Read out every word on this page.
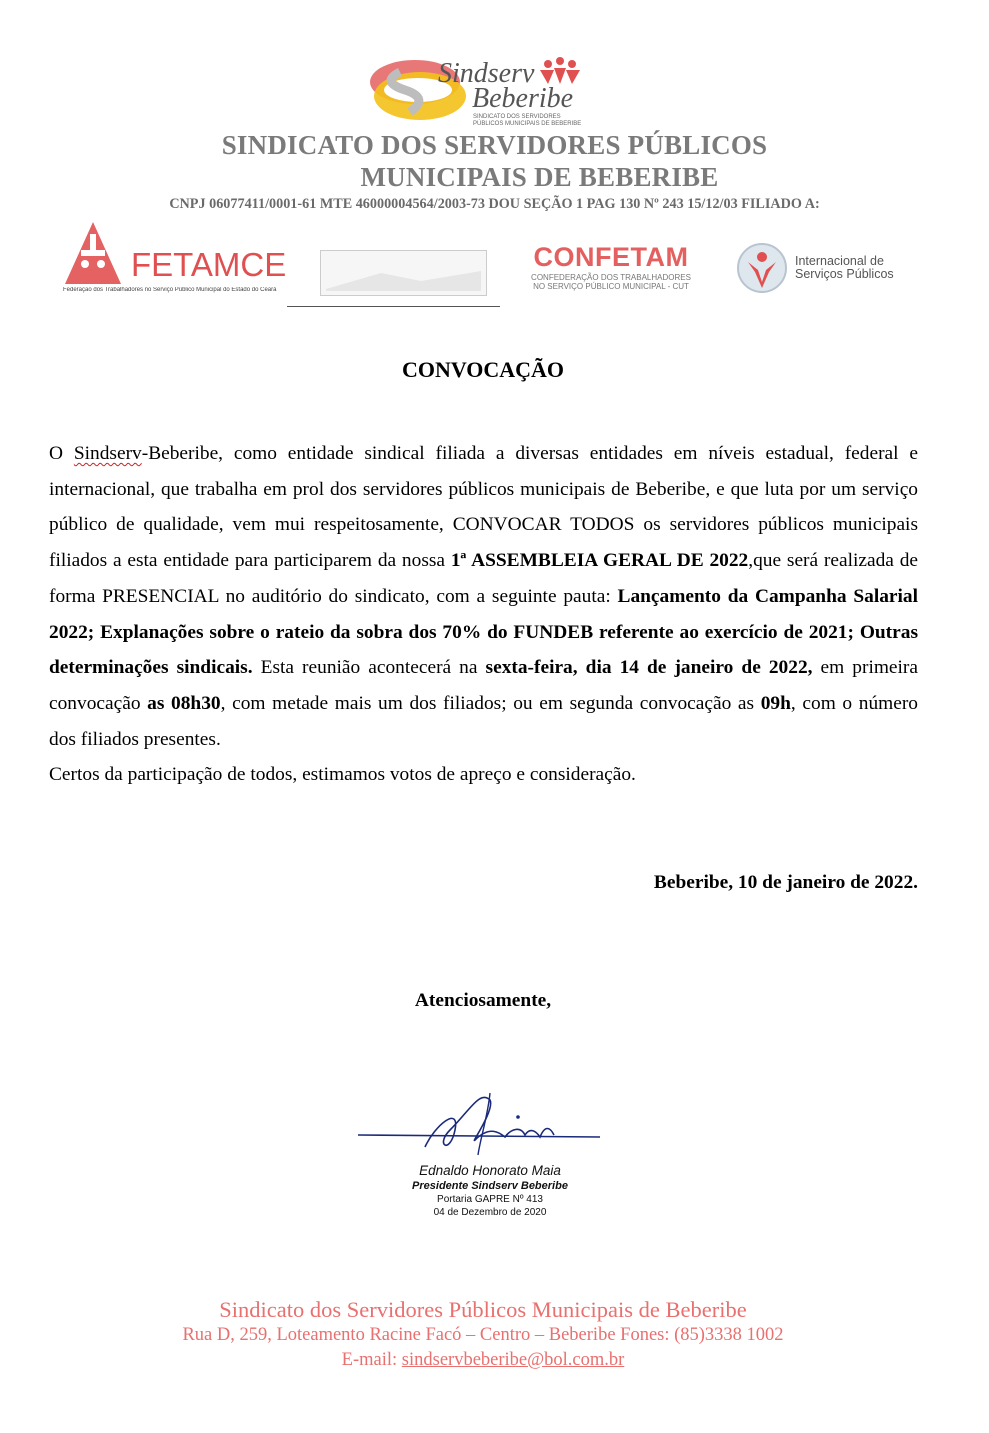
Sindserv
Beberibe
SINDICATO DOS SERVIDORES
PÚBLICOS MUNICIPAIS DE BEBERIBE
SINDICATO DOS SERVIDORES PÚBLICOS
MUNICIPAIS DE BEBERIBE
CNPJ 06077411/0001-61 MTE 46000004564/2003-73 DOU SEÇÃO 1 PAG 130 Nº 243 15/12/03 FILIADO A:
FETAMCE
Federação dos Trabalhadores no Serviço Público Municipal do Estado do Ceará
CONFETAM
CONFEDERAÇÃO DOS TRABALHADORES
NO SERVIÇO PÚBLICO MUNICIPAL - CUT
Internacional de
Serviços Públicos
CONVOCAÇÃO
O Sindserv-Beberibe, como entidade sindical filiada a diversas entidades em níveis estadual, federal e internacional, que trabalha em prol dos servidores públicos municipais de Beberibe, e que luta por um serviço público de qualidade, vem mui respeitosamente, CONVOCAR TODOS os servidores públicos municipais filiados a esta entidade para participarem da nossa 1ª ASSEMBLEIA GERAL DE 2022,que será realizada de forma PRESENCIAL no auditório do sindicato, com a seguinte pauta: Lançamento da Campanha Salarial 2022; Explanações sobre o rateio da sobra dos 70% do FUNDEB referente ao exercício de 2021; Outras determinações sindicais. Esta reunião acontecerá na sexta-feira, dia 14 de janeiro de 2022, em primeira convocação as 08h30, com metade mais um dos filiados; ou em segunda convocação as 09h, com o número dos filiados presentes.
Certos da participação de todos, estimamos votos de apreço e consideração.
Beberibe, 10 de janeiro de 2022.
Atenciosamente,
Ednaldo Honorato Maia
Presidente Sindserv Beberibe
Portaria GAPRE Nº 413
04 de Dezembro de 2020
Sindicato dos Servidores Públicos Municipais de Beberibe
Rua D, 259, Loteamento Racine Facó – Centro – Beberibe Fones: (85)3338 1002
E-mail: sindservbeberibe@bol.com.br
